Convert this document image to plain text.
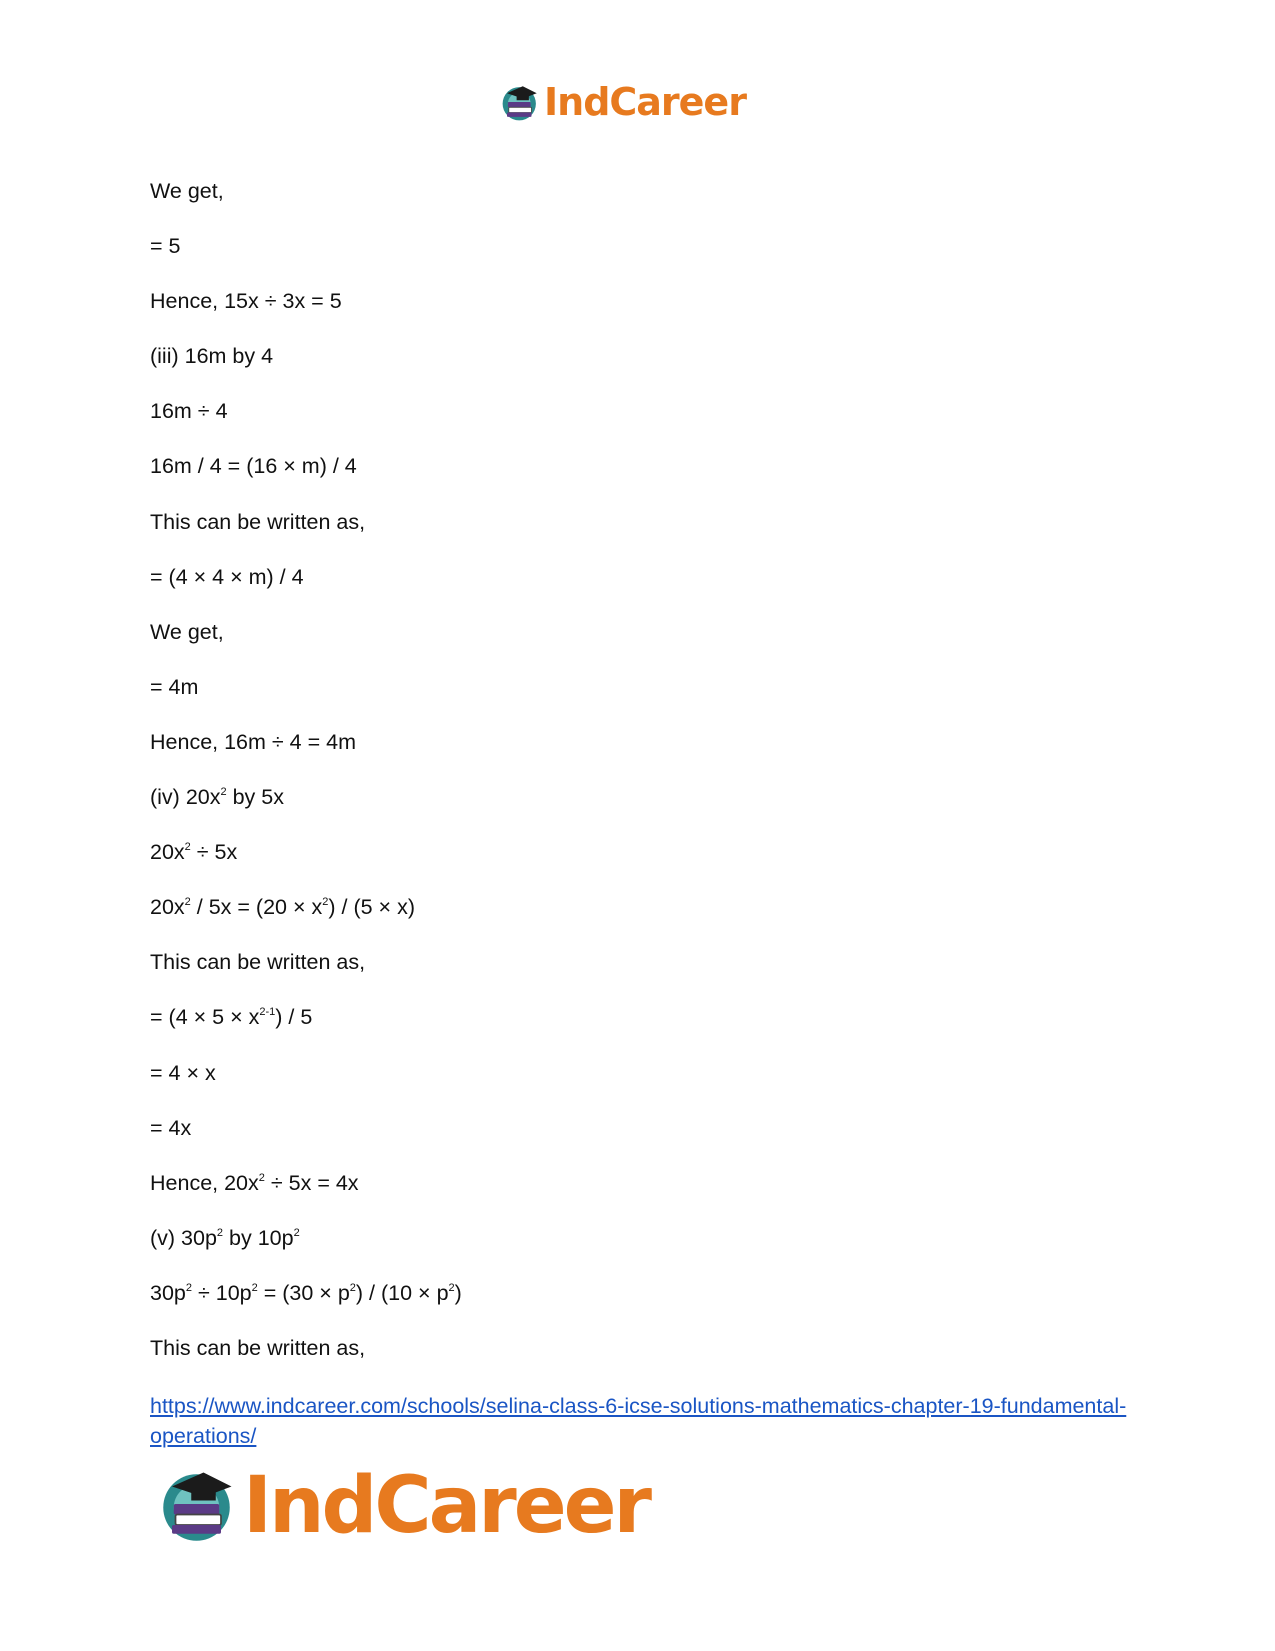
IndCareer

We get,

= 5

Hence, 15x ÷ 3x = 5

(iii) 16m by 4

16m ÷ 4

16m / 4 = (16 × m) / 4

This can be written as,

= (4 × 4 × m) / 4

We get,

= 4m

Hence, 16m ÷ 4 = 4m

(iv) $20x^2$ by 5x

$20x^2 \div 5x$

$20x^2 / 5x = (20 \times x^2) / (5 \times x)$

This can be written as,

= $(4 \times 5 \times x^{2-1}) / 5$

= 4 × x

= 4x

Hence, $20x^2 \div 5x = 4x$

(v) $30p^2$ by $10p^2$

$30p^2 \div 10p^2 = (30 \times p^2) / (10 \times p^2)$

This can be written as,

https://www.indcareer.com/schools/selina-class-6-icse-solutions-mathematics-chapter-19-fundamental-operations/

IndCareer
